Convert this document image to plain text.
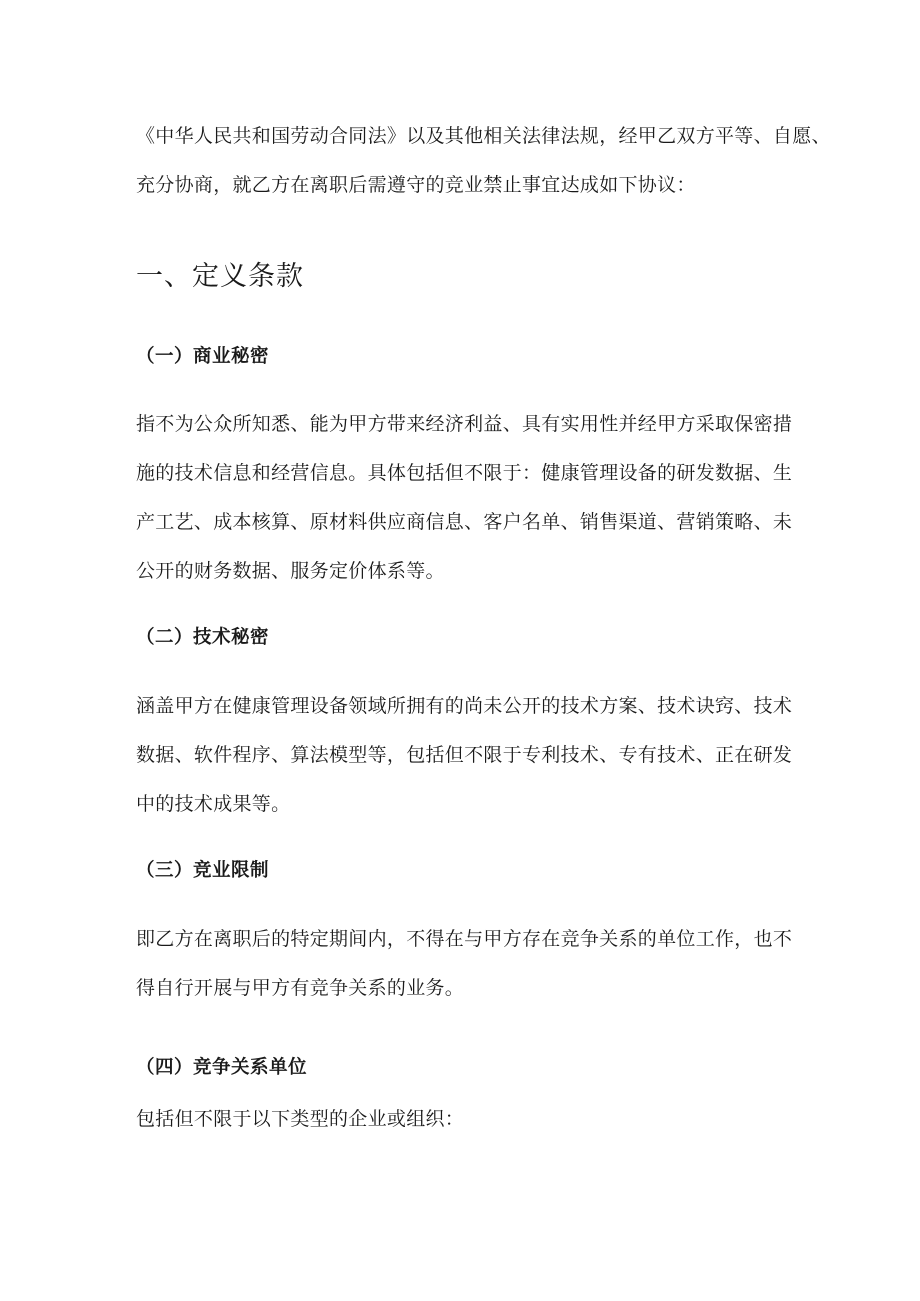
《中华人民共和国劳动合同法》以及其他相关法律法规，经甲乙双方平等、自愿、
充分协商，就乙方在离职后需遵守的竞业禁止事宜达成如下协议：

一、定义条款
（一）商业秘密

指不为公众所知悉、能为甲方带来经济利益、具有实用性并经甲方采取保密措
施的技术信息和经营信息。具体包括但不限于：健康管理设备的研发数据、生
产工艺、成本核算、原材料供应商信息、客户名单、销售渠道、营销策略、未
公开的财务数据、服务定价体系等。

（二）技术秘密

涵盖甲方在健康管理设备领域所拥有的尚未公开的技术方案、技术诀窍、技术
数据、软件程序、算法模型等，包括但不限于专利技术、专有技术、正在研发
中的技术成果等。

（三）竞业限制

即乙方在离职后的特定期间内，不得在与甲方存在竞争关系的单位工作，也不
得自行开展与甲方有竞争关系的业务。

（四）竞争关系单位

包括但不限于以下类型的企业或组织：
